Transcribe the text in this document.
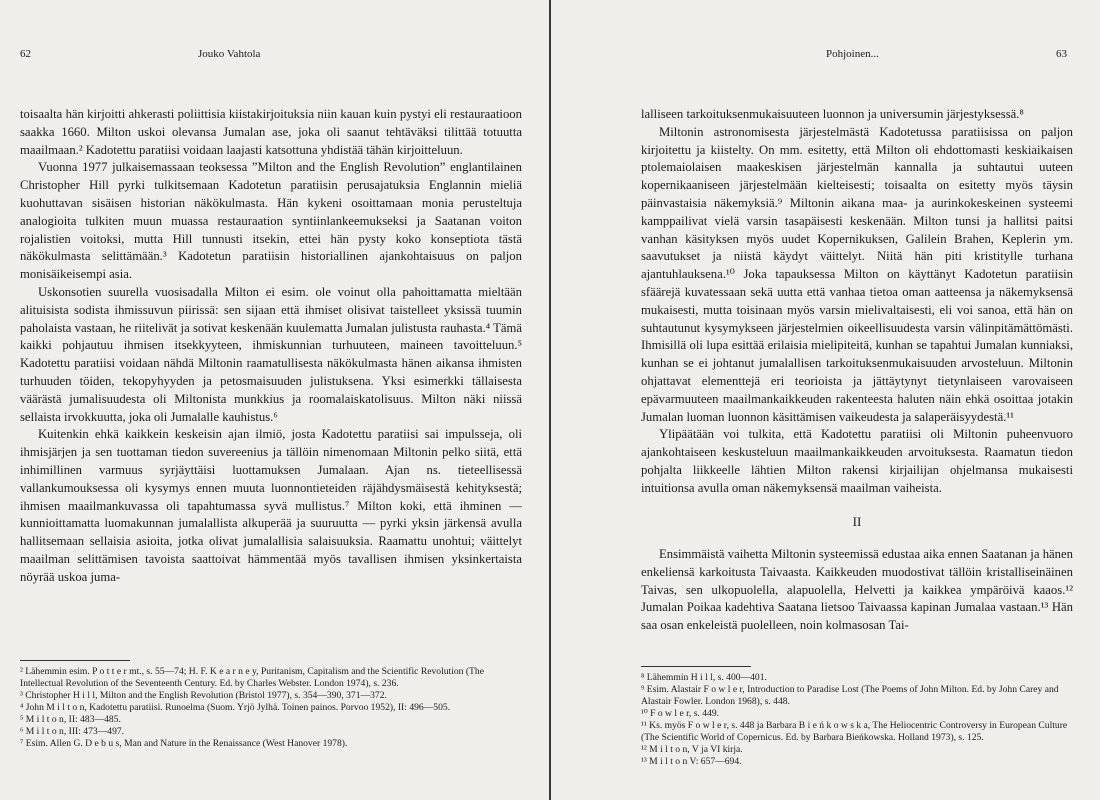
62	Jouko Vahtola

toisaalta hän kirjoitti ahkerasti poliittisia kiistakirjoituksia niin kauan kuin pystyi eli restauraatioon saakka 1660. Milton uskoi olevansa Jumalan ase, joka oli saanut tehtäväksi tilittää totuutta maailmaan.² Kadotettu paratiisi voidaan laajasti katsottuna yhdistää tähän kirjoitteluun.

Vuonna 1977 julkaisemassaan teoksessa ”Milton and the English Revolution” englantilainen Christopher Hill pyrki tulkitsemaan Kadotetun paratiisin perusajatuksia Englannin mieliä kuohuttavan sisäisen historian näkökulmasta. Hän kykeni osoittamaan monia perusteltuja analogioita tulkiten muun muassa restauraation syntiinlankeemukseksi ja Saatanan voiton rojalistien voitoksi, mutta Hill tunnusti itsekin, ettei hän pysty koko konseptiota tästä näkökulmasta selittämään.³ Kadotetun paratiisin historiallinen ajankohtaisuus on paljon monisäikeisempi asia.

Uskonsotien suurella vuosisadalla Milton ei esim. ole voinut olla pahoittamatta mieltään alituisista sodista ihmissuvun piirissä: sen sijaan että ihmiset olisivat taistelleet yksissä tuumin paholaista vastaan, he riitelivät ja sotivat keskenään kuulematta Jumalan julistusta rauhasta.⁴ Tämä kaikki pohjautuu ihmisen itsekkyyteen, ihmiskunnian turhuuteen, maineen tavoitteluun.⁵ Kadotettu paratiisi voidaan nähdä Miltonin raamatullisesta näkökulmasta hänen aikansa ihmisten turhuuden töiden, tekopyhyyden ja petosmaisuuden julistuksena. Yksi esimerkki tällaisesta väärästä jumalisuudesta oli Miltonista munkkius ja roomalaiskatolisuus. Milton näki niissä sellaista irvokkuutta, joka oli Jumalalle kauhistus.⁶

Kuitenkin ehkä kaikkein keskeisin ajan ilmiö, josta Kadotettu paratiisi sai impulsseja, oli ihmisjärjen ja sen tuottaman tiedon suvereenius ja tällöin nimenomaan Miltonin pelko siitä, että inhimillinen varmuus syrjäyttäisi luottamuksen Jumalaan. Ajan ns. tieteellisessä vallankumouksessa oli kysymys ennen muuta luonnontieteiden räjähdysmäisestä kehityksestä; ihmisen maailmankuvassa oli tapahtumassa syvä mullistus.⁷ Milton koki, että ihminen — kunnioittamatta luomakunnan jumalallista alkuperää ja suuruutta — pyrki yksin järkensä avulla hallitsemaan sellaisia asioita, jotka olivat jumalallisia salaisuuksia. Raamattu unohtui; väittelyt maailman selittämisen tavoista saattoivat hämmentää myös tavallisen ihmisen yksinkertaista nöyrää uskoa juma-

² Lähemmin esim. P o t t e r mt., s. 55—74; H. F. K e a r n e y, Puritanism, Capitalism and the Scientific Revolution (The Intellectual Revolution of the Seventeenth Century. Ed. by Charles Webster. London 1974), s. 236.
³ Christopher H i l l, Milton and the English Revolution (Bristol 1977), s. 354—390, 371—372.
⁴ John M i l t o n, Kadotettu paratiisi. Runoelma (Suom. Yrjö Jylhä. Toinen painos. Porvoo 1952), II: 496—505.
⁵ M i l t o n, II: 483—485.
⁶ M i l t o n, III: 473—497.
⁷ Esim. Allen G. D e b u s, Man and Nature in the Renaissance (West Hanover 1978).
Pohjoinen...	63

lalliseen tarkoituksenmukaisuuteen luonnon ja universumin järjestyksessä.⁸

Miltonin astronomisesta järjestelmästä Kadotetussa paratiisissa on paljon kirjoitettu ja kiistelty. On mm. esitetty, että Milton oli ehdottomasti keskiaikaisen ptolemaiolaisen maakeskisen järjestelmän kannalla ja suhtautui uuteen kopernikaaniseen järjestelmään kielteisesti; toisaalta on esitetty myös täysin päinvastaisia näkemyksiä.⁹ Miltonin aikana maa- ja aurinkokeskeinen systeemi kamppailivat vielä varsin tasapäisesti keskenään. Milton tunsi ja hallitsi paitsi vanhan käsityksen myös uudet Kopernikuksen, Galilein Brahen, Keplerin ym. saavutukset ja niistä käydyt väittelyt. Niitä hän piti kristitylle turhana ajantuhlauksena.¹⁰ Joka tapauksessa Milton on käyttänyt Kadotetun paratiisin sfäärejä kuvatessaan sekä uutta että vanhaa tietoa oman aatteensa ja näkemyksensä mukaisesti, mutta toisinaan myös varsin mielivaltaisesti, eli voi sanoa, että hän on suhtautunut kysymykseen järjestelmien oikeellisuudesta varsin välinpitämättömästi. Ihmisillä oli lupa esittää erilaisia mielipiteitä, kunhan se tapahtui Jumalan kunniaksi, kunhan se ei johtanut jumalallisen tarkoituksenmukaisuuden arvosteluun. Miltonin ohjattavat elementtejä eri teorioista ja jättäytynyt tietynlaiseen varovaiseen epävarmuuteen maailmankaikkeuden rakenteesta haluten näin ehkä osoittaa jotakin Jumalan luoman luonnon käsittämisen vaikeudesta ja salaperäisyydestä.¹¹

Ylipäätään voi tulkita, että Kadotettu paratiisi oli Miltonin puheenvuoro ajankohtaiseen keskusteluun maailmankaikkeuden arvoituksesta. Raamatun tiedon pohjalta liikkeelle lähtien Milton rakensi kirjailijan ohjelmansa mukaisesti intuitionsa avulla oman näkemyksensä maailman vaiheista.

II

Ensimmäistä vaihetta Miltonin systeemissä edustaa aika ennen Saatanan ja hänen enkeliensä karkoitusta Taivaasta. Kaikkeuden muodostivat tällöin kristalliseinäinen Taivas, sen ulkopuolella, alapuolella, Helvetti ja kaikkea ympäröivä kaaos.¹² Jumalan Poikaa kadehtiva Saatana lietsoo Taivaassa kapinan Jumalaa vastaan.¹³ Hän saa osan enkeleistä puolelleen, noin kolmasosan Tai-

⁸ Lähemmin H i l l, s. 400—401.
⁹ Esim. Alastair F o w l e r, Introduction to Paradise Lost (The Poems of John Milton. Ed. by John Carey and Alastair Fowler. London 1968), s. 448.
¹⁰ F o w l e r, s. 449.
¹¹ Ks. myös F o w l e r, s. 448 ja Barbara B i e ń k o w s k a, The Heliocentric Controversy in European Culture (The Scientific World of Copernicus. Ed. by Barbara Bieńkowska. Holland 1973), s. 125.
¹² M i l t o n, V ja VI kirja.
¹³ M i l t o n V: 657—694.
